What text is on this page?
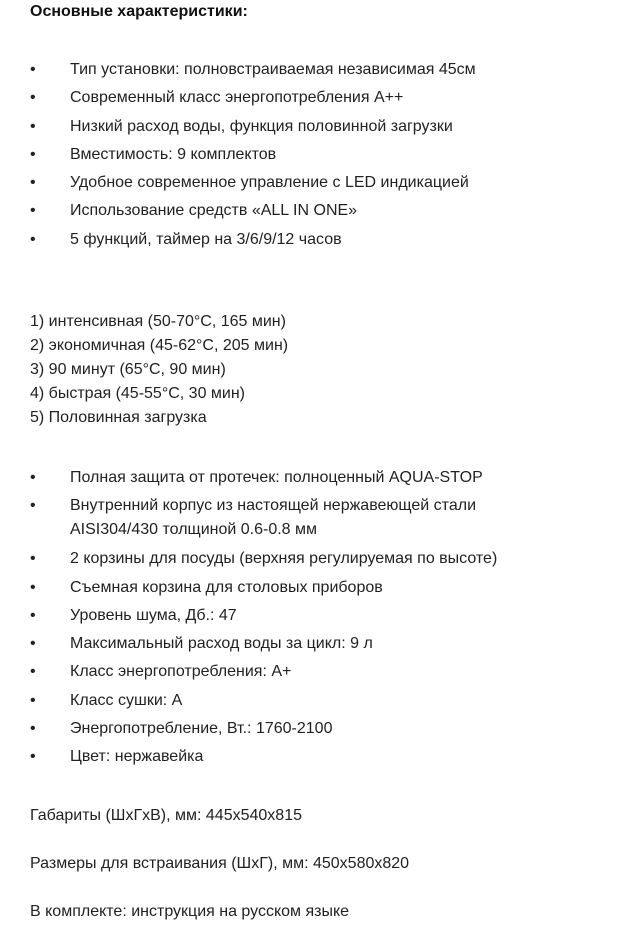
Основные характеристики:
• Тип установки: полновстраиваемая независимая 45см
• Современный класс энергопотребления А++
• Низкий расход воды, функция половинной загрузки
• Вместимость: 9 комплектов
• Удобное современное управление с LED индикацией
• Использование средств «ALL IN ONE»
• 5 функций, таймер на 3/6/9/12 часов
1) интенсивная (50-70°С, 165 мин)
2) экономичная (45-62°С, 205 мин)
3) 90 минут (65°С, 90 мин)
4) быстрая (45-55°С, 30 мин)
5) Половинная загрузка
• Полная защита от протечек: полноценный AQUA-STOP
• Внутренний корпус из настоящей нержавеющей стали AISI304/430 толщиной 0.6-0.8 мм
• 2 корзины для посуды (верхняя регулируемая по высоте)
• Съемная корзина для столовых приборов
• Уровень шума, Дб.: 47
• Максимальный расход воды за цикл: 9 л
• Класс энергопотребления: A+
• Класс сушки: A
• Энергопотребление, Вт.: 1760-2100
• Цвет: нержавейка
Габариты (ШхГхВ), мм: 445x540x815
Размеры для встраивания (ШхГ), мм: 450x580x820
В комплекте: инструкция на русском языке
